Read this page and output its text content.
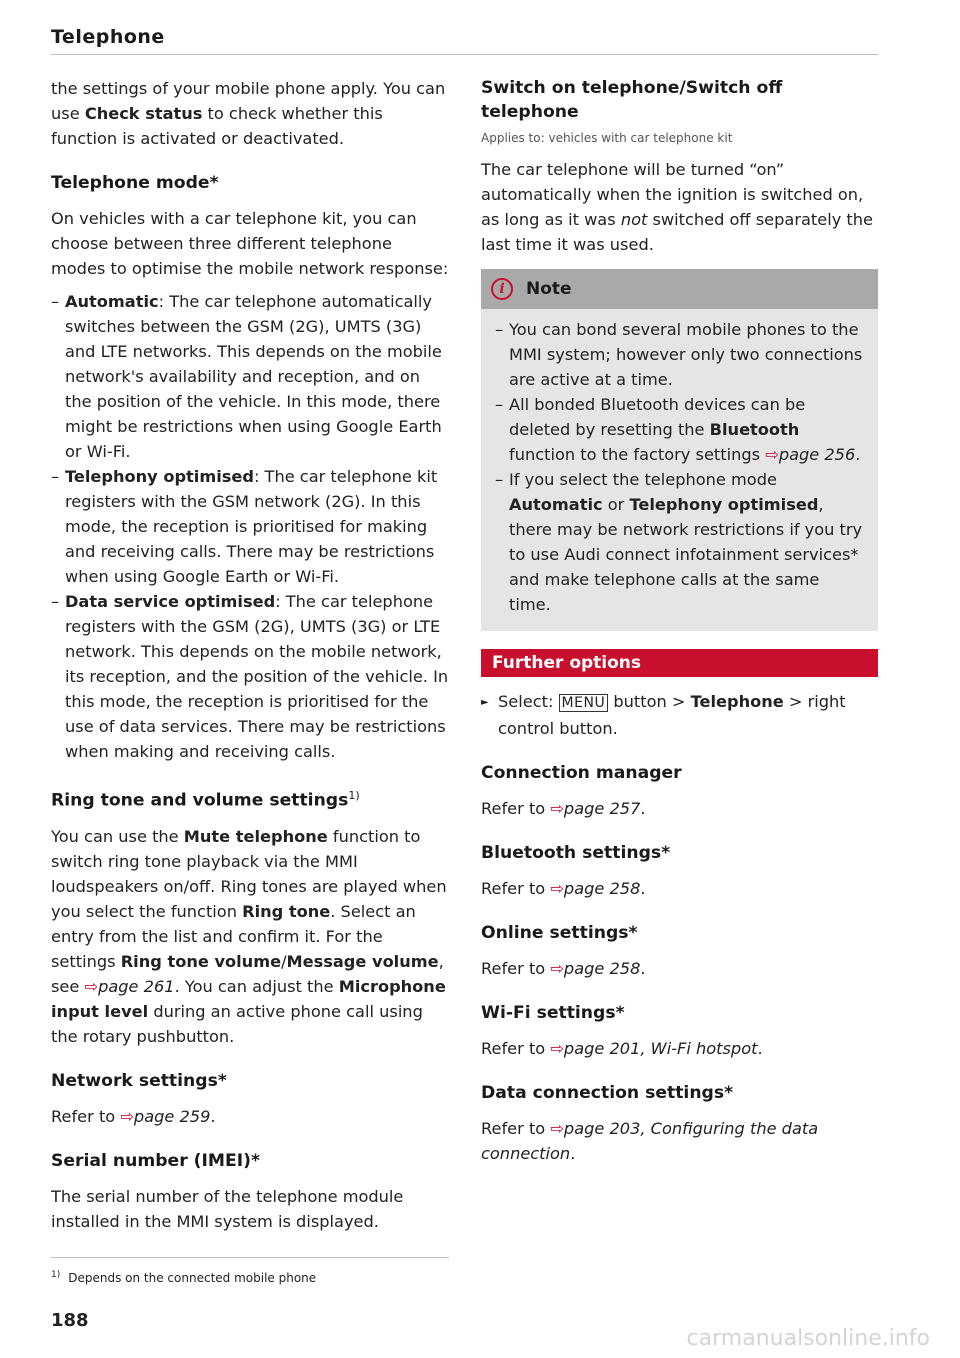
Telephone

the settings of your mobile phone apply. You can use Check status to check whether this function is activated or deactivated.

Telephone mode*

On vehicles with a car telephone kit, you can choose between three different telephone modes to optimise the mobile network response:

– Automatic: The car telephone automatically switches between the GSM (2G), UMTS (3G) and LTE networks. This depends on the mobile network's availability and reception, and on the position of the vehicle. In this mode, there might be restrictions when using Google Earth or Wi-Fi.
– Telephony optimised: The car telephone kit registers with the GSM network (2G). In this mode, the reception is prioritised for making and receiving calls. There may be restrictions when using Google Earth or Wi-Fi.
– Data service optimised: The car telephone registers with the GSM (2G), UMTS (3G) or LTE network. This depends on the mobile network, its reception, and the position of the vehicle. In this mode, the reception is prioritised for the use of data services. There may be restrictions when making and receiving calls.
Ring tone and volume settings$^{1)}$

You can use the Mute telephone function to switch ring tone playback via the MMI loudspeakers on/off. Ring tones are played when you select the function Ring tone. Select an entry from the list and confirm it. For the settings Ring tone volume/Message volume, see ⇨page 261. You can adjust the Microphone input level during an active phone call using the rotary pushbutton.

Network settings*

Refer to ⇨page 259.

Serial number (IMEI)*

The serial number of the telephone module installed in the MMI system is displayed.

Switch on telephone/Switch off telephone
Applies to: vehicles with car telephone kit

The car telephone will be turned “on” automatically when the ignition is switched on, as long as it was not switched off separately the last time it was used.

i	Note
– You can bond several mobile phones to the MMI system; however only two connections are active at a time.
– All bonded Bluetooth devices can be deleted by resetting the Bluetooth function to the factory settings ⇨page 256.
– If you select the telephone mode Automatic or Telephony optimised, there may be network restrictions if you try to use Audi connect infotainment services* and make telephone calls at the same time.
Further options

► Select: MENU button > Telephone > right control button.

Connection manager

Refer to ⇨page 257.

Bluetooth settings*

Refer to ⇨page 258.

Online settings*

Refer to ⇨page 258.

Wi-Fi settings*

Refer to ⇨page 201, Wi-Fi hotspot.

Data connection settings*

Refer to ⇨page 203, Configuring the data connection.

$^{1)}$ Depends on the connected mobile phone
188
carmanualsonline.info
